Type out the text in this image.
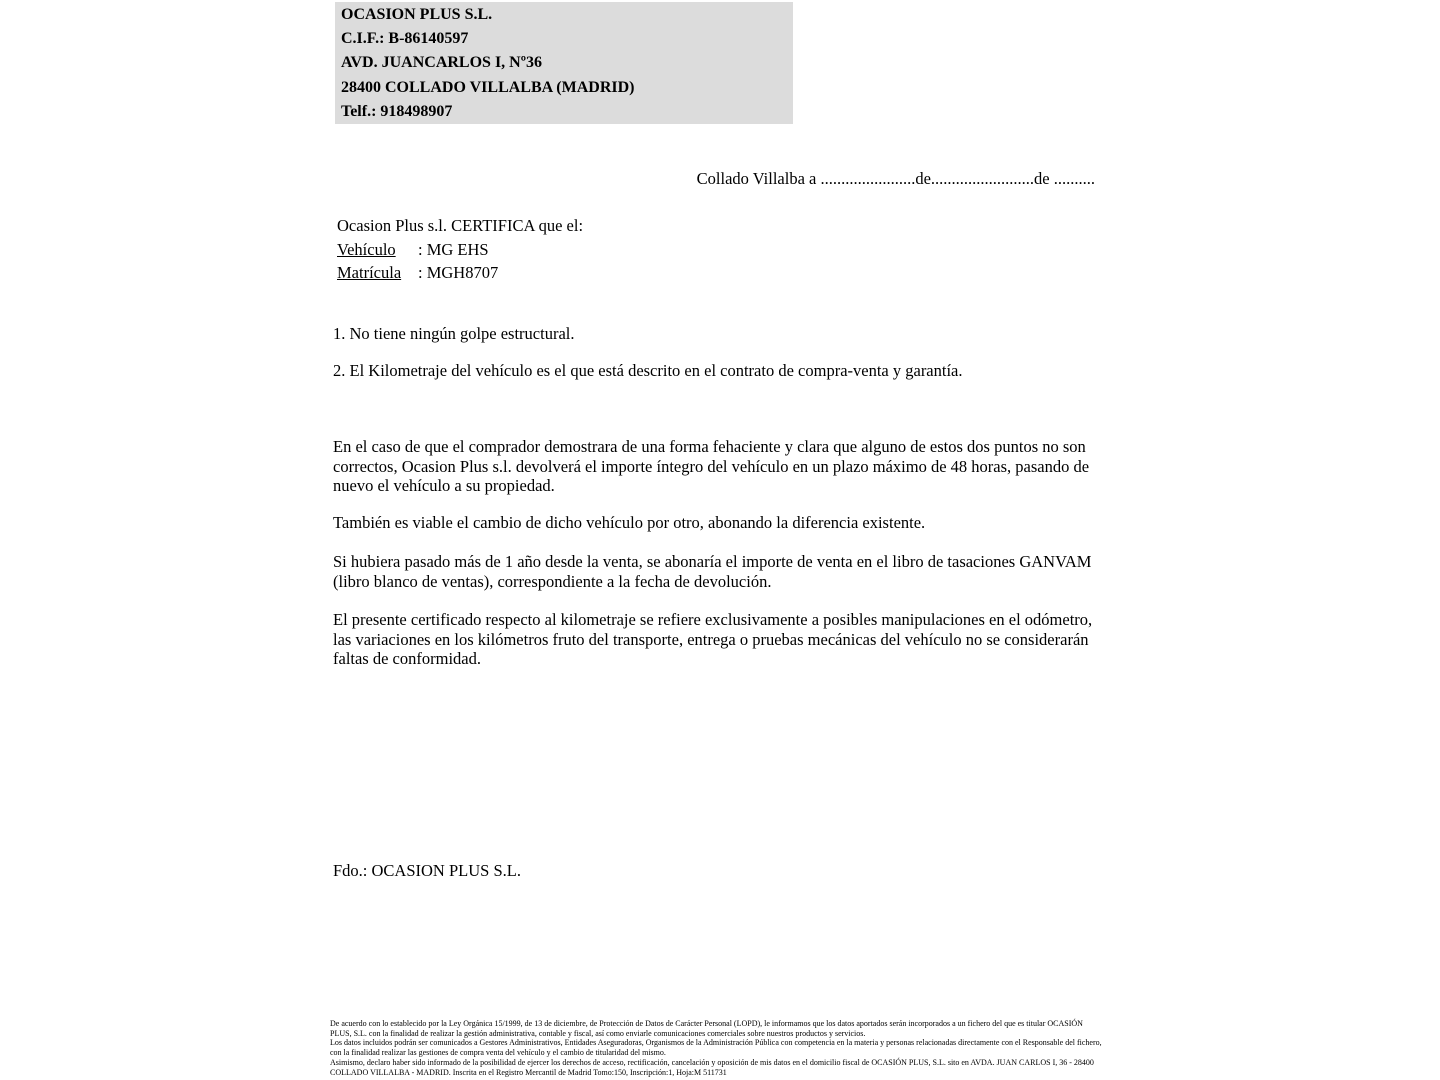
OCASION PLUS S.L.
C.I.F.: B-86140597
AVD. JUANCARLOS I, Nº36
28400 COLLADO VILLALBA (MADRID)
Telf.: 918498907
Collado Villalba a .......................de.........................de ..........
Ocasion Plus s.l. CERTIFICA que el:
Vehículo : MG EHS
Matrícula : MGH8707
1. No tiene ningún golpe estructural.
2. El Kilometraje del vehículo es el que está descrito en el contrato de compra-venta y garantía.

En el caso de que el comprador demostrara de una forma fehaciente y clara que alguno de estos dos puntos no son correctos, Ocasion Plus s.l. devolverá el importe íntegro del vehículo en un plazo máximo de 48 horas, pasando de nuevo el vehículo a su propiedad.

También es viable el cambio de dicho vehículo por otro, abonando la diferencia existente.

Si hubiera pasado más de 1 año desde la venta, se abonaría el importe de venta en el libro de tasaciones GANVAM (libro blanco de ventas), correspondiente a la fecha de devolución.

El presente certificado respecto al kilometraje se refiere exclusivamente a posibles manipulaciones en el odómetro, las variaciones en los kilómetros fruto del transporte, entrega o pruebas mecánicas del vehículo no se considerarán faltas de conformidad.

Fdo.: OCASION PLUS S.L.

De acuerdo con lo establecido por la Ley Orgánica 15/1999, de 13 de diciembre, de Protección de Datos de Carácter Personal (LOPD), le informamos que los datos aportados serán incorporados a un fichero del que es titular OCASIÓN PLUS, S.L. con la finalidad de realizar la gestión administrativa, contable y fiscal, así como enviarle comunicaciones comerciales sobre nuestros productos y servicios.

Los datos incluidos podrán ser comunicados a Gestores Administrativos, Entidades Aseguradoras, Organismos de la Administración Pública con competencia en la materia y personas relacionadas directamente con el Responsable del fichero, con la finalidad realizar las gestiones de compra venta del vehículo y el cambio de titularidad del mismo.

Asimismo, declaro haber sido informado de la posibilidad de ejercer los derechos de acceso, rectificación, cancelación y oposición de mis datos en el domicilio fiscal de OCASIÓN PLUS, S.L. sito en AVDA. JUAN CARLOS I, 36 - 28400 COLLADO VILLALBA - MADRID. Inscrita en el Registro Mercantil de Madrid Tomo:150, Inscripción:1, Hoja:M 511731
